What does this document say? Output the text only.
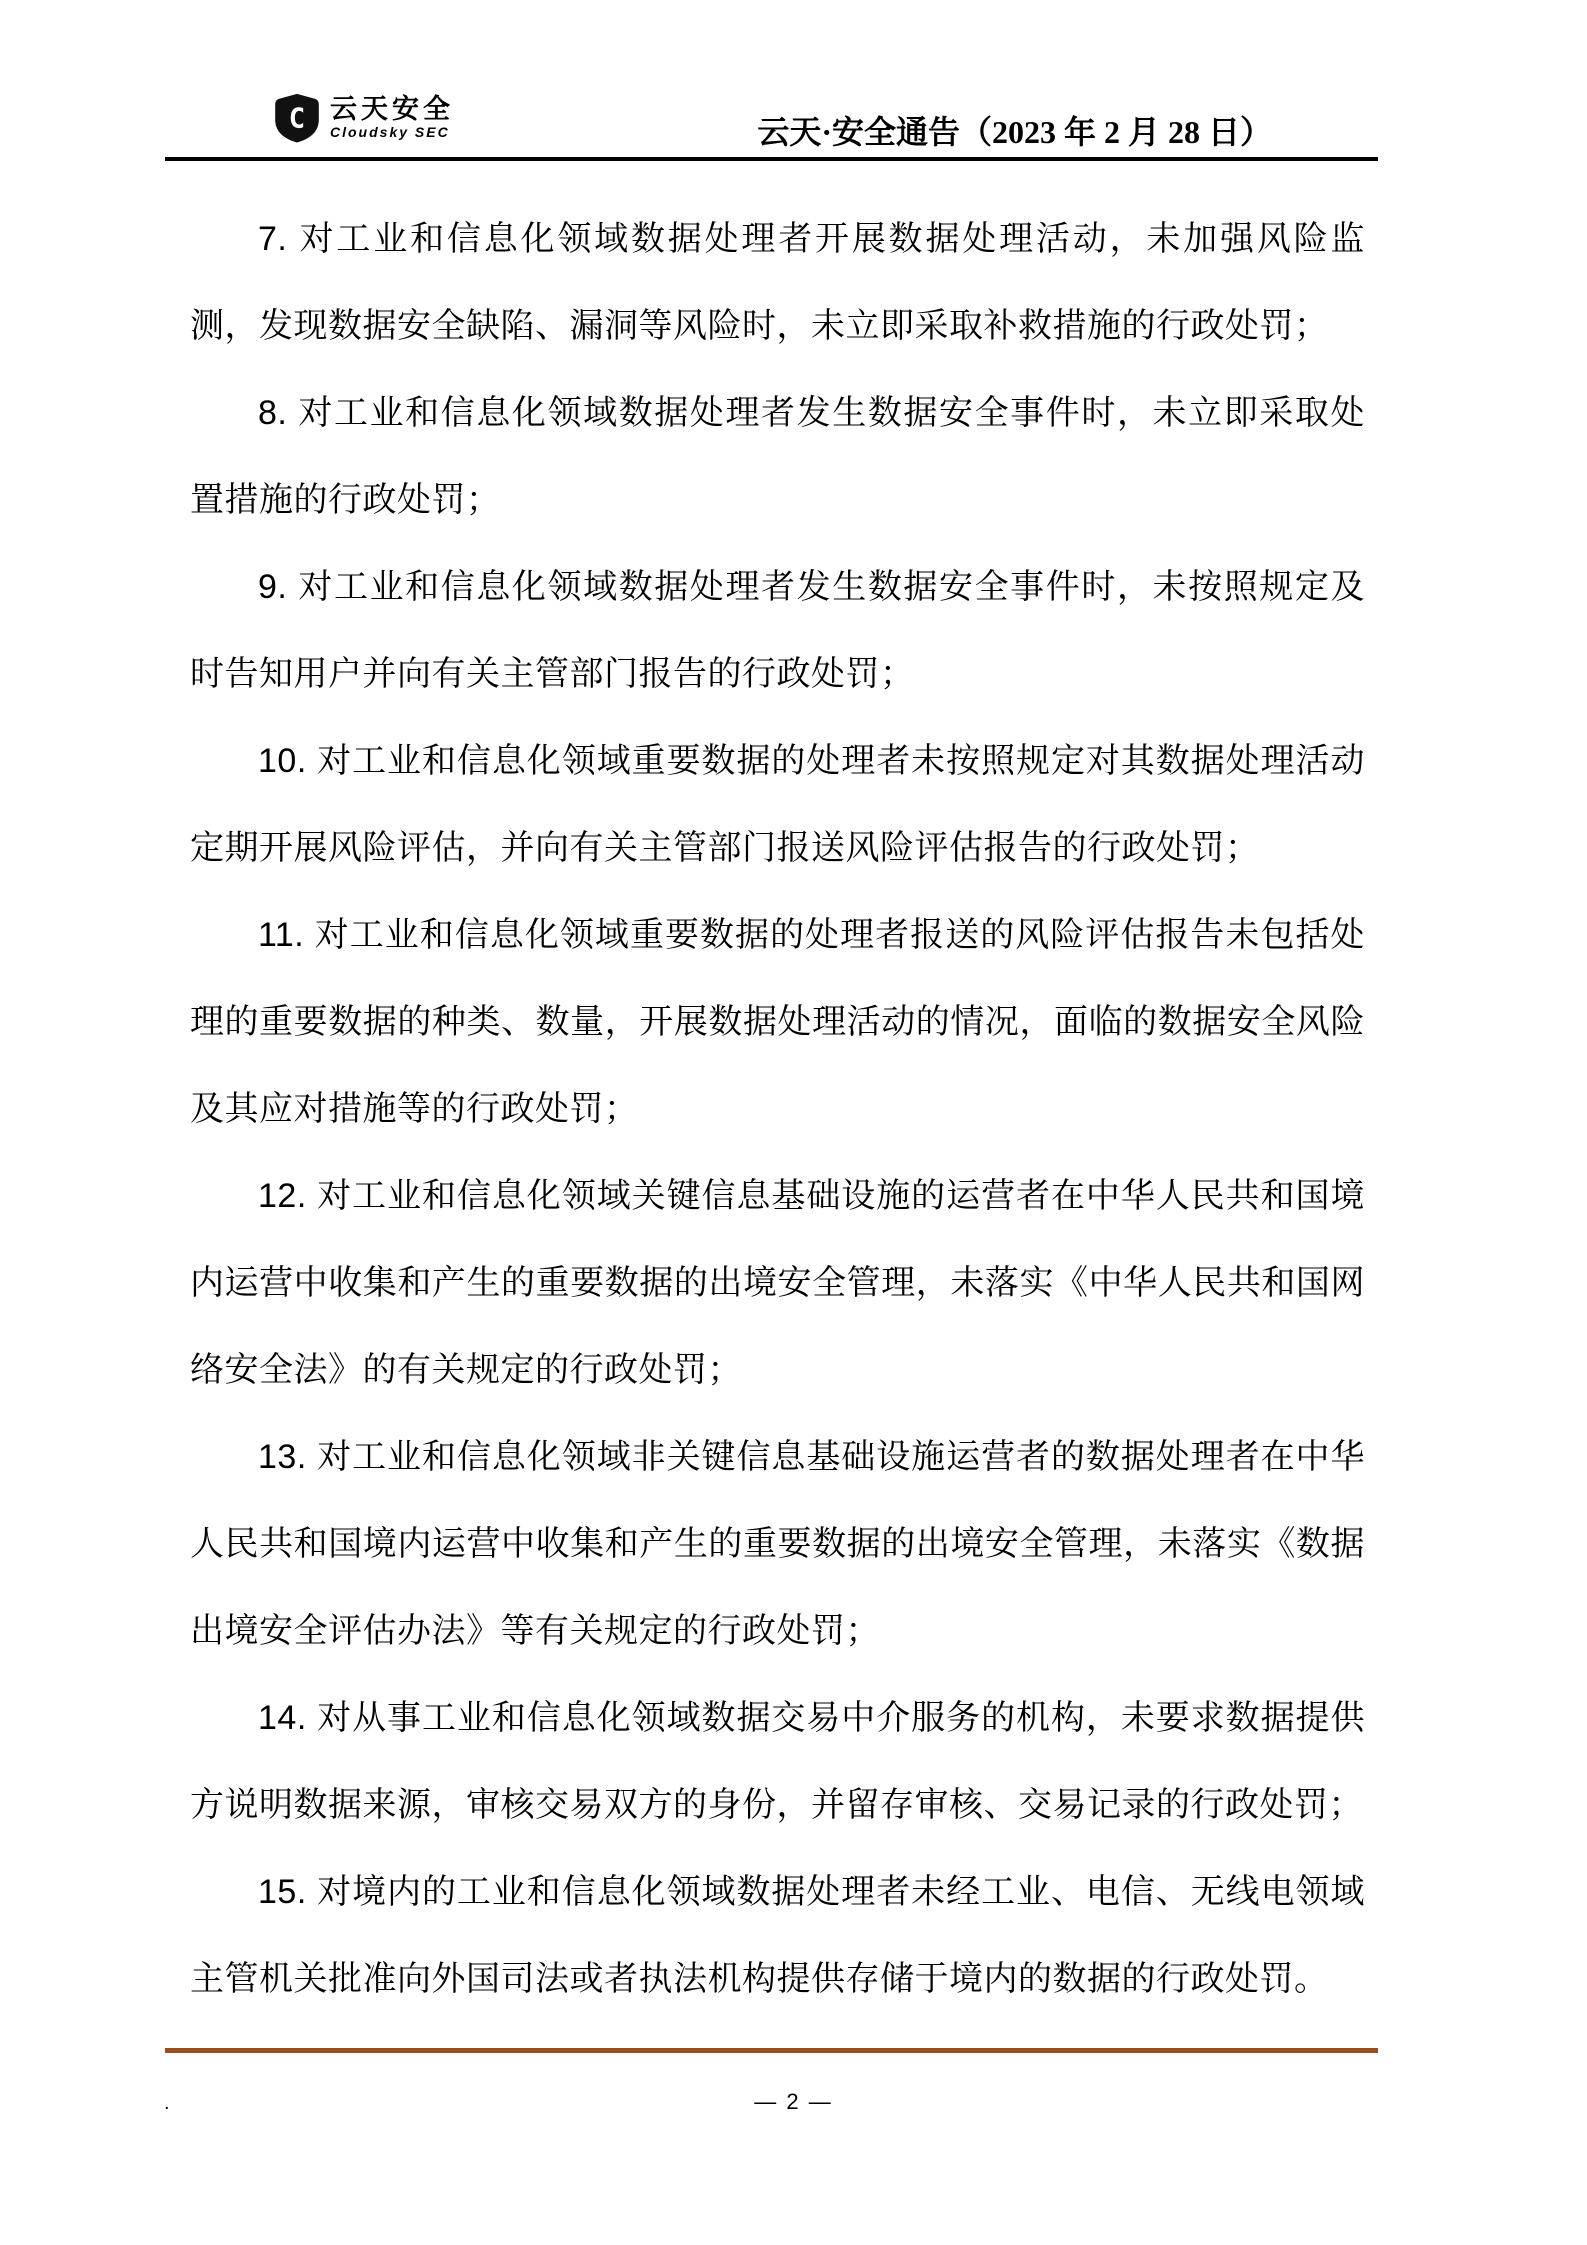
C 云天安全
Cloudsky SEC	云天·安全通告（2023 年 2 月 28 日）

7. 对工业和信息化领域数据处理者开展数据处理活动，未加强风险监测，发现数据安全缺陷、漏洞等风险时，未立即采取补救措施的行政处罚；

8. 对工业和信息化领域数据处理者发生数据安全事件时，未立即采取处置措施的行政处罚；

9. 对工业和信息化领域数据处理者发生数据安全事件时，未按照规定及时告知用户并向有关主管部门报告的行政处罚；

10. 对工业和信息化领域重要数据的处理者未按照规定对其数据处理活动定期开展风险评估，并向有关主管部门报送风险评估报告的行政处罚；

11. 对工业和信息化领域重要数据的处理者报送的风险评估报告未包括处理的重要数据的种类、数量，开展数据处理活动的情况，面临的数据安全风险及其应对措施等的行政处罚；

12. 对工业和信息化领域关键信息基础设施的运营者在中华人民共和国境内运营中收集和产生的重要数据的出境安全管理，未落实《中华人民共和国网络安全法》的有关规定的行政处罚；

13. 对工业和信息化领域非关键信息基础设施运营者的数据处理者在中华人民共和国境内运营中收集和产生的重要数据的出境安全管理，未落实《数据出境安全评估办法》等有关规定的行政处罚；

14. 对从事工业和信息化领域数据交易中介服务的机构，未要求数据提供方说明数据来源，审核交易双方的身份，并留存审核、交易记录的行政处罚；

15. 对境内的工业和信息化领域数据处理者未经工业、电信、无线电领域主管机关批准向外国司法或者执法机构提供存储于境内的数据的行政处罚。

.	— 2 —
